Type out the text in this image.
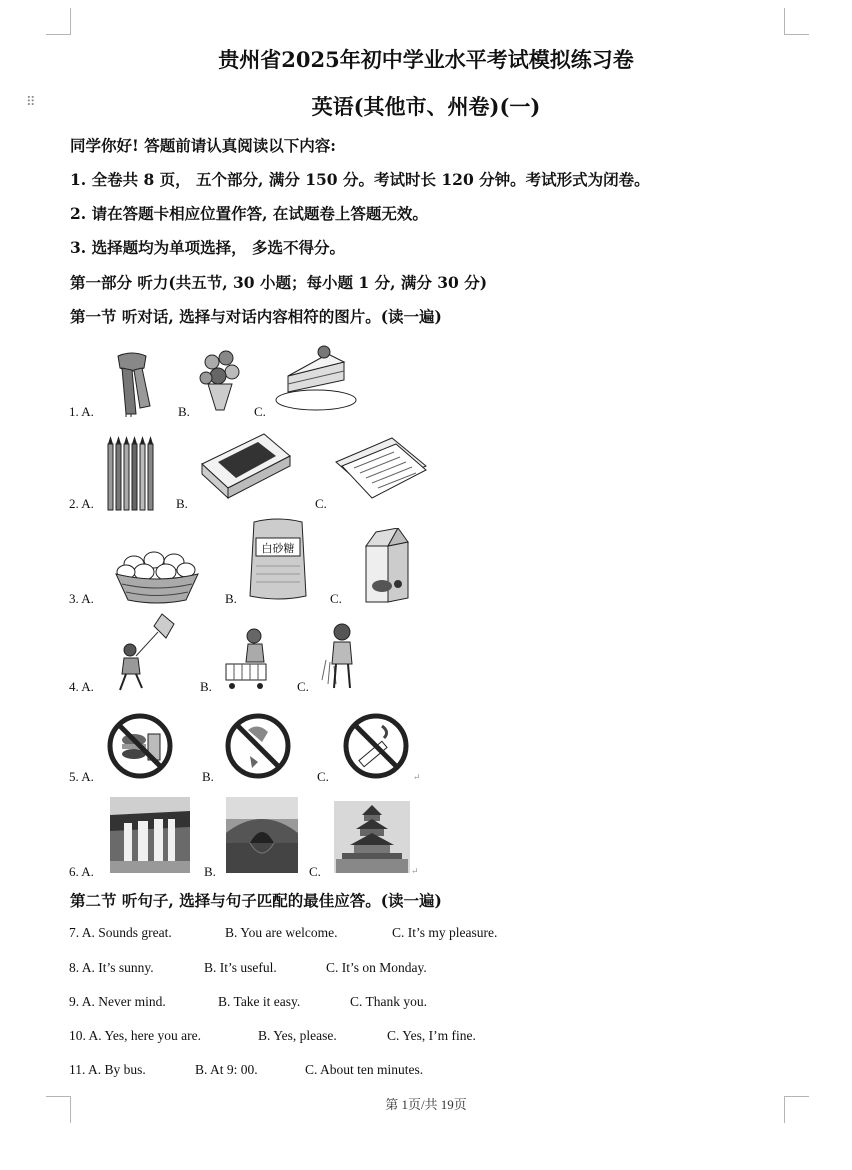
⠿
贵州省2025年初中学业水平考试模拟练习卷
英语(其他市、州卷)(一)
同学你好! 答题前请认真阅读以下内容:
1. 全卷共 8 页， 五个部分, 满分 150 分。考试时长 120 分钟。考试形式为闭卷。
2. 请在答题卡相应位置作答, 在试题卷上答题无效。
3. 选择题均为单项选择， 多选不得分。
第一部分 听力(共五节, 30 小题；每小题 1 分, 满分 30 分)
第一节 听对话, 选择与对话内容相符的图片。(读一遍)
1. A.	B.	C.
2. A.	B.	C.
3. A.	B.	C.
白砂糖
4. A.	B.	C.
5. A.	B.	C.	↵
6. A.	B.	C.	↵
第二节 听句子, 选择与句子匹配的最佳应答。(读一遍)
7. A. Sounds great.	B. You are welcome.	C. It’s my pleasure.
8. A. It’s sunny.	B. It’s useful.	C. It’s on Monday.
9. A. Never mind.	B. Take it easy.	C. Thank you.
10. A. Yes, here you are.	B. Yes, please.	C. Yes, I’m fine.
11. A. By bus.	B. At 9: 00.	C. About ten minutes.
第 1页/共 19页
